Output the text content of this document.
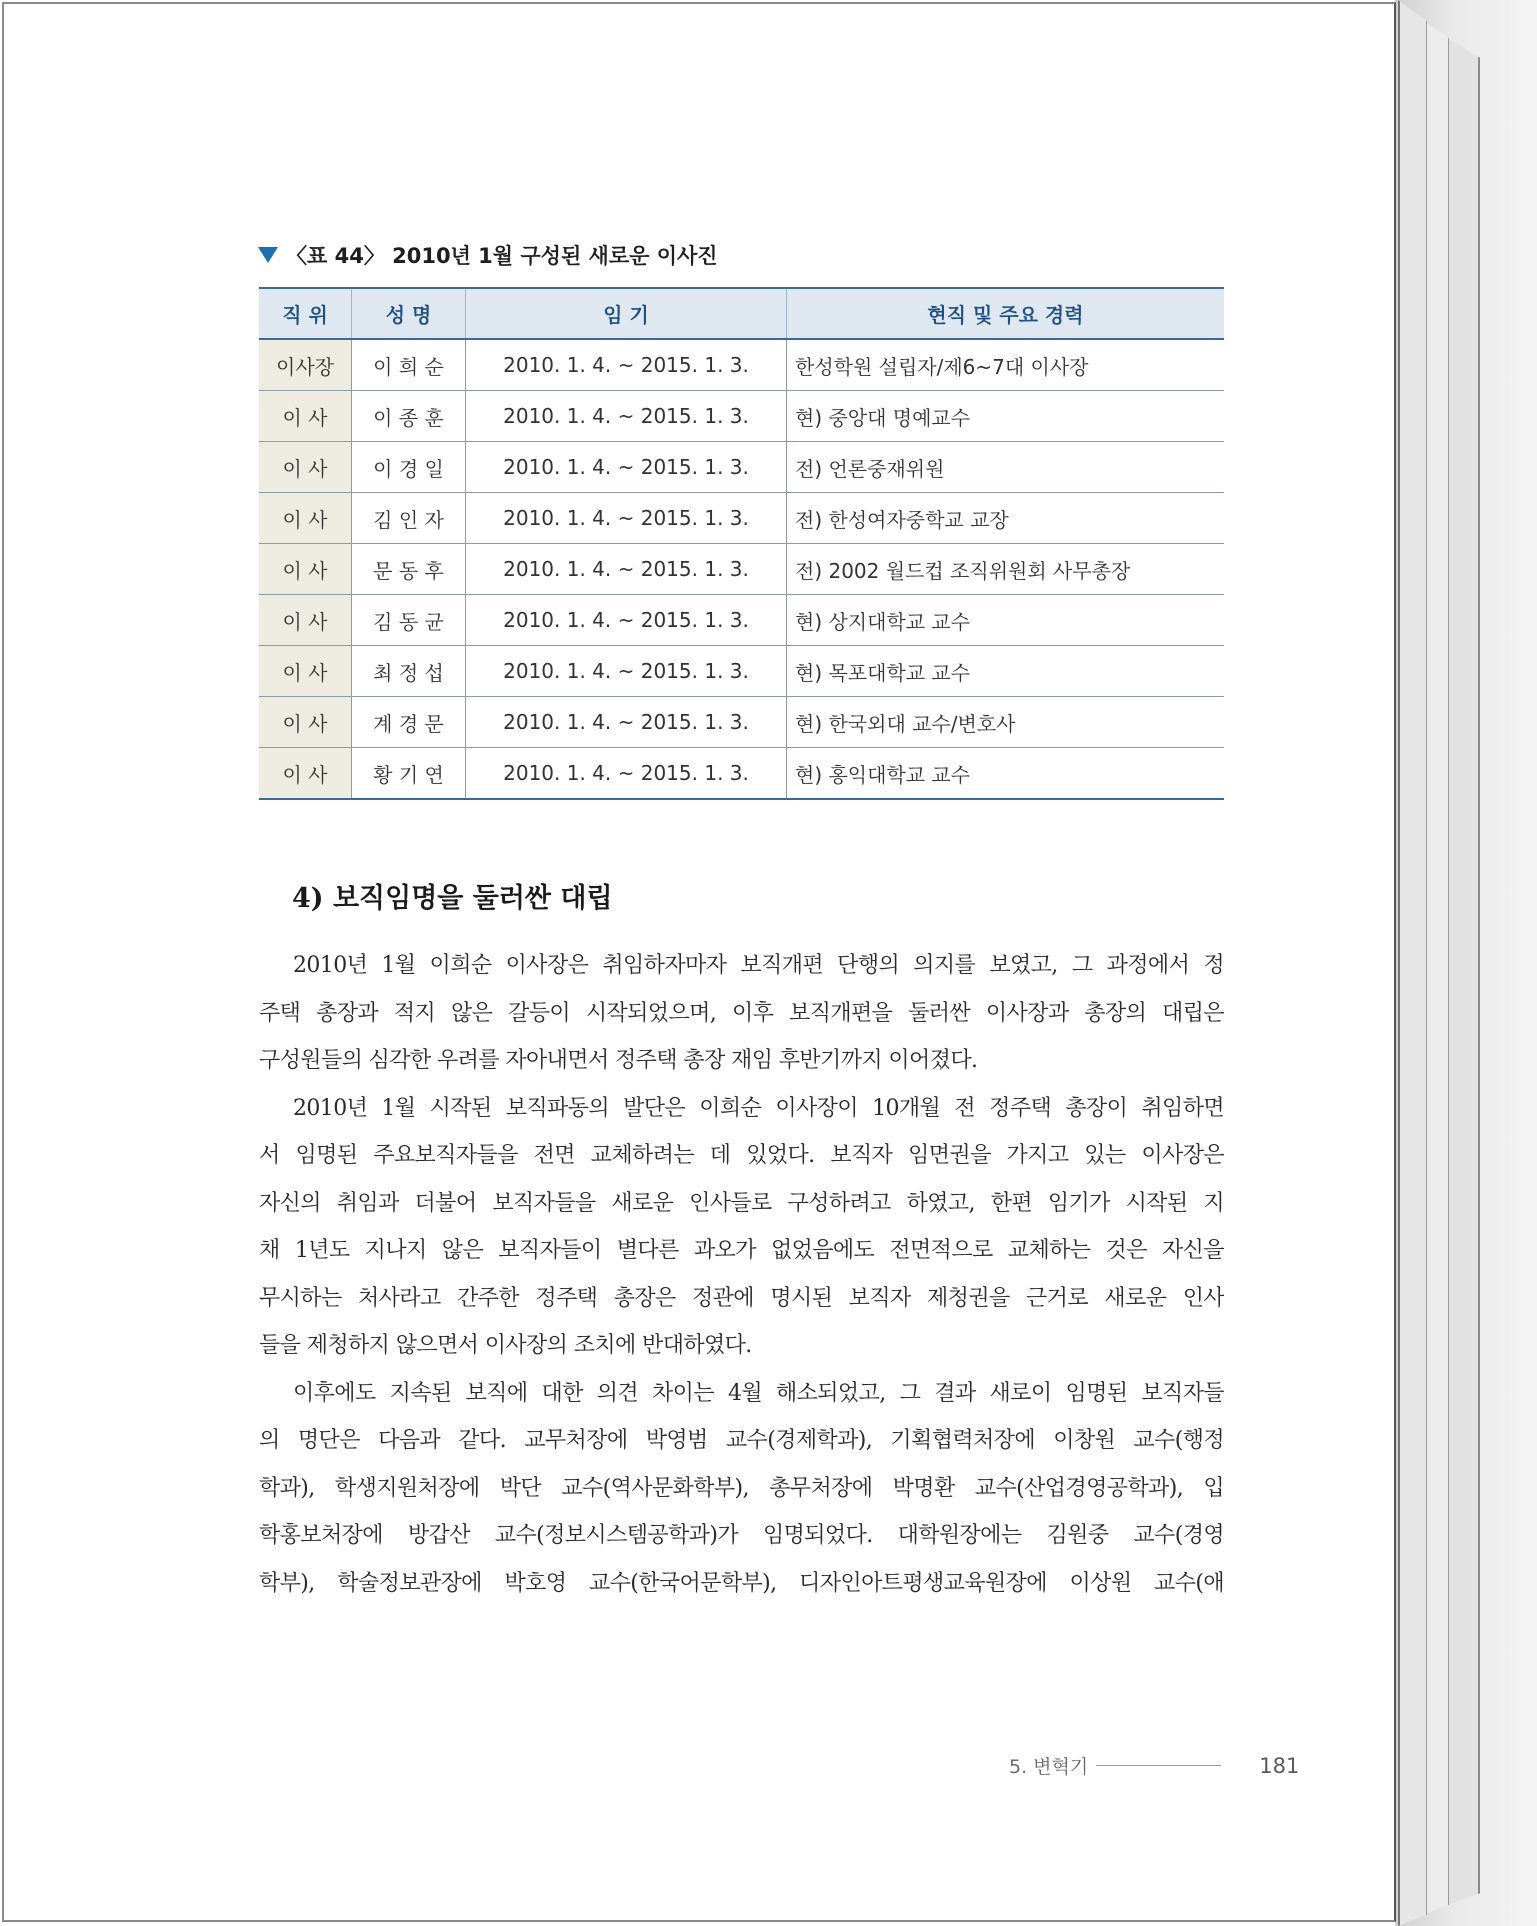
〈표 44〉 2010년 1월 구성된 새로운 이사진
직 위	성 명	임 기	현직 및 주요 경력
이사장	이 희 순	2010. 1. 4. ~ 2015. 1. 3.	한성학원 설립자/제6~7대 이사장
이 사	이 종 훈	2010. 1. 4. ~ 2015. 1. 3.	현) 중앙대 명예교수
이 사	이 경 일	2010. 1. 4. ~ 2015. 1. 3.	전) 언론중재위원
이 사	김 인 자	2010. 1. 4. ~ 2015. 1. 3.	전) 한성여자중학교 교장
이 사	문 동 후	2010. 1. 4. ~ 2015. 1. 3.	전) 2002 월드컵 조직위원회 사무총장
이 사	김 동 균	2010. 1. 4. ~ 2015. 1. 3.	현) 상지대학교 교수
이 사	최 정 섭	2010. 1. 4. ~ 2015. 1. 3.	현) 목포대학교 교수
이 사	계 경 문	2010. 1. 4. ~ 2015. 1. 3.	현) 한국외대 교수/변호사
이 사	황 기 연	2010. 1. 4. ~ 2015. 1. 3.	현) 홍익대학교 교수
4) 보직임명을 둘러싼 대립
2010년 1월 이희순 이사장은 취임하자마자 보직개편 단행의 의지를 보였고, 그 과정에서 정
주택 총장과 적지 않은 갈등이 시작되었으며, 이후 보직개편을 둘러싼 이사장과 총장의 대립은
구성원들의 심각한 우려를 자아내면서 정주택 총장 재임 후반기까지 이어졌다.
2010년 1월 시작된 보직파동의 발단은 이희순 이사장이 10개월 전 정주택 총장이 취임하면
서 임명된 주요보직자들을 전면 교체하려는 데 있었다. 보직자 임면권을 가지고 있는 이사장은
자신의 취임과 더불어 보직자들을 새로운 인사들로 구성하려고 하였고, 한편 임기가 시작된 지
채 1년도 지나지 않은 보직자들이 별다른 과오가 없었음에도 전면적으로 교체하는 것은 자신을
무시하는 처사라고 간주한 정주택 총장은 정관에 명시된 보직자 제청권을 근거로 새로운 인사
들을 제청하지 않으면서 이사장의 조치에 반대하였다.
이후에도 지속된 보직에 대한 의견 차이는 4월 해소되었고, 그 결과 새로이 임명된 보직자들
의 명단은 다음과 같다. 교무처장에 박영범 교수(경제학과), 기획협력처장에 이창원 교수(행정
학과), 학생지원처장에 박단 교수(역사문화학부), 총무처장에 박명환 교수(산업경영공학과), 입
학홍보처장에 방갑산 교수(정보시스템공학과)가 임명되었다. 대학원장에는 김원중 교수(경영
학부), 학술정보관장에 박호영 교수(한국어문학부), 디자인아트평생교육원장에 이상원 교수(애
5. 변혁기	181
